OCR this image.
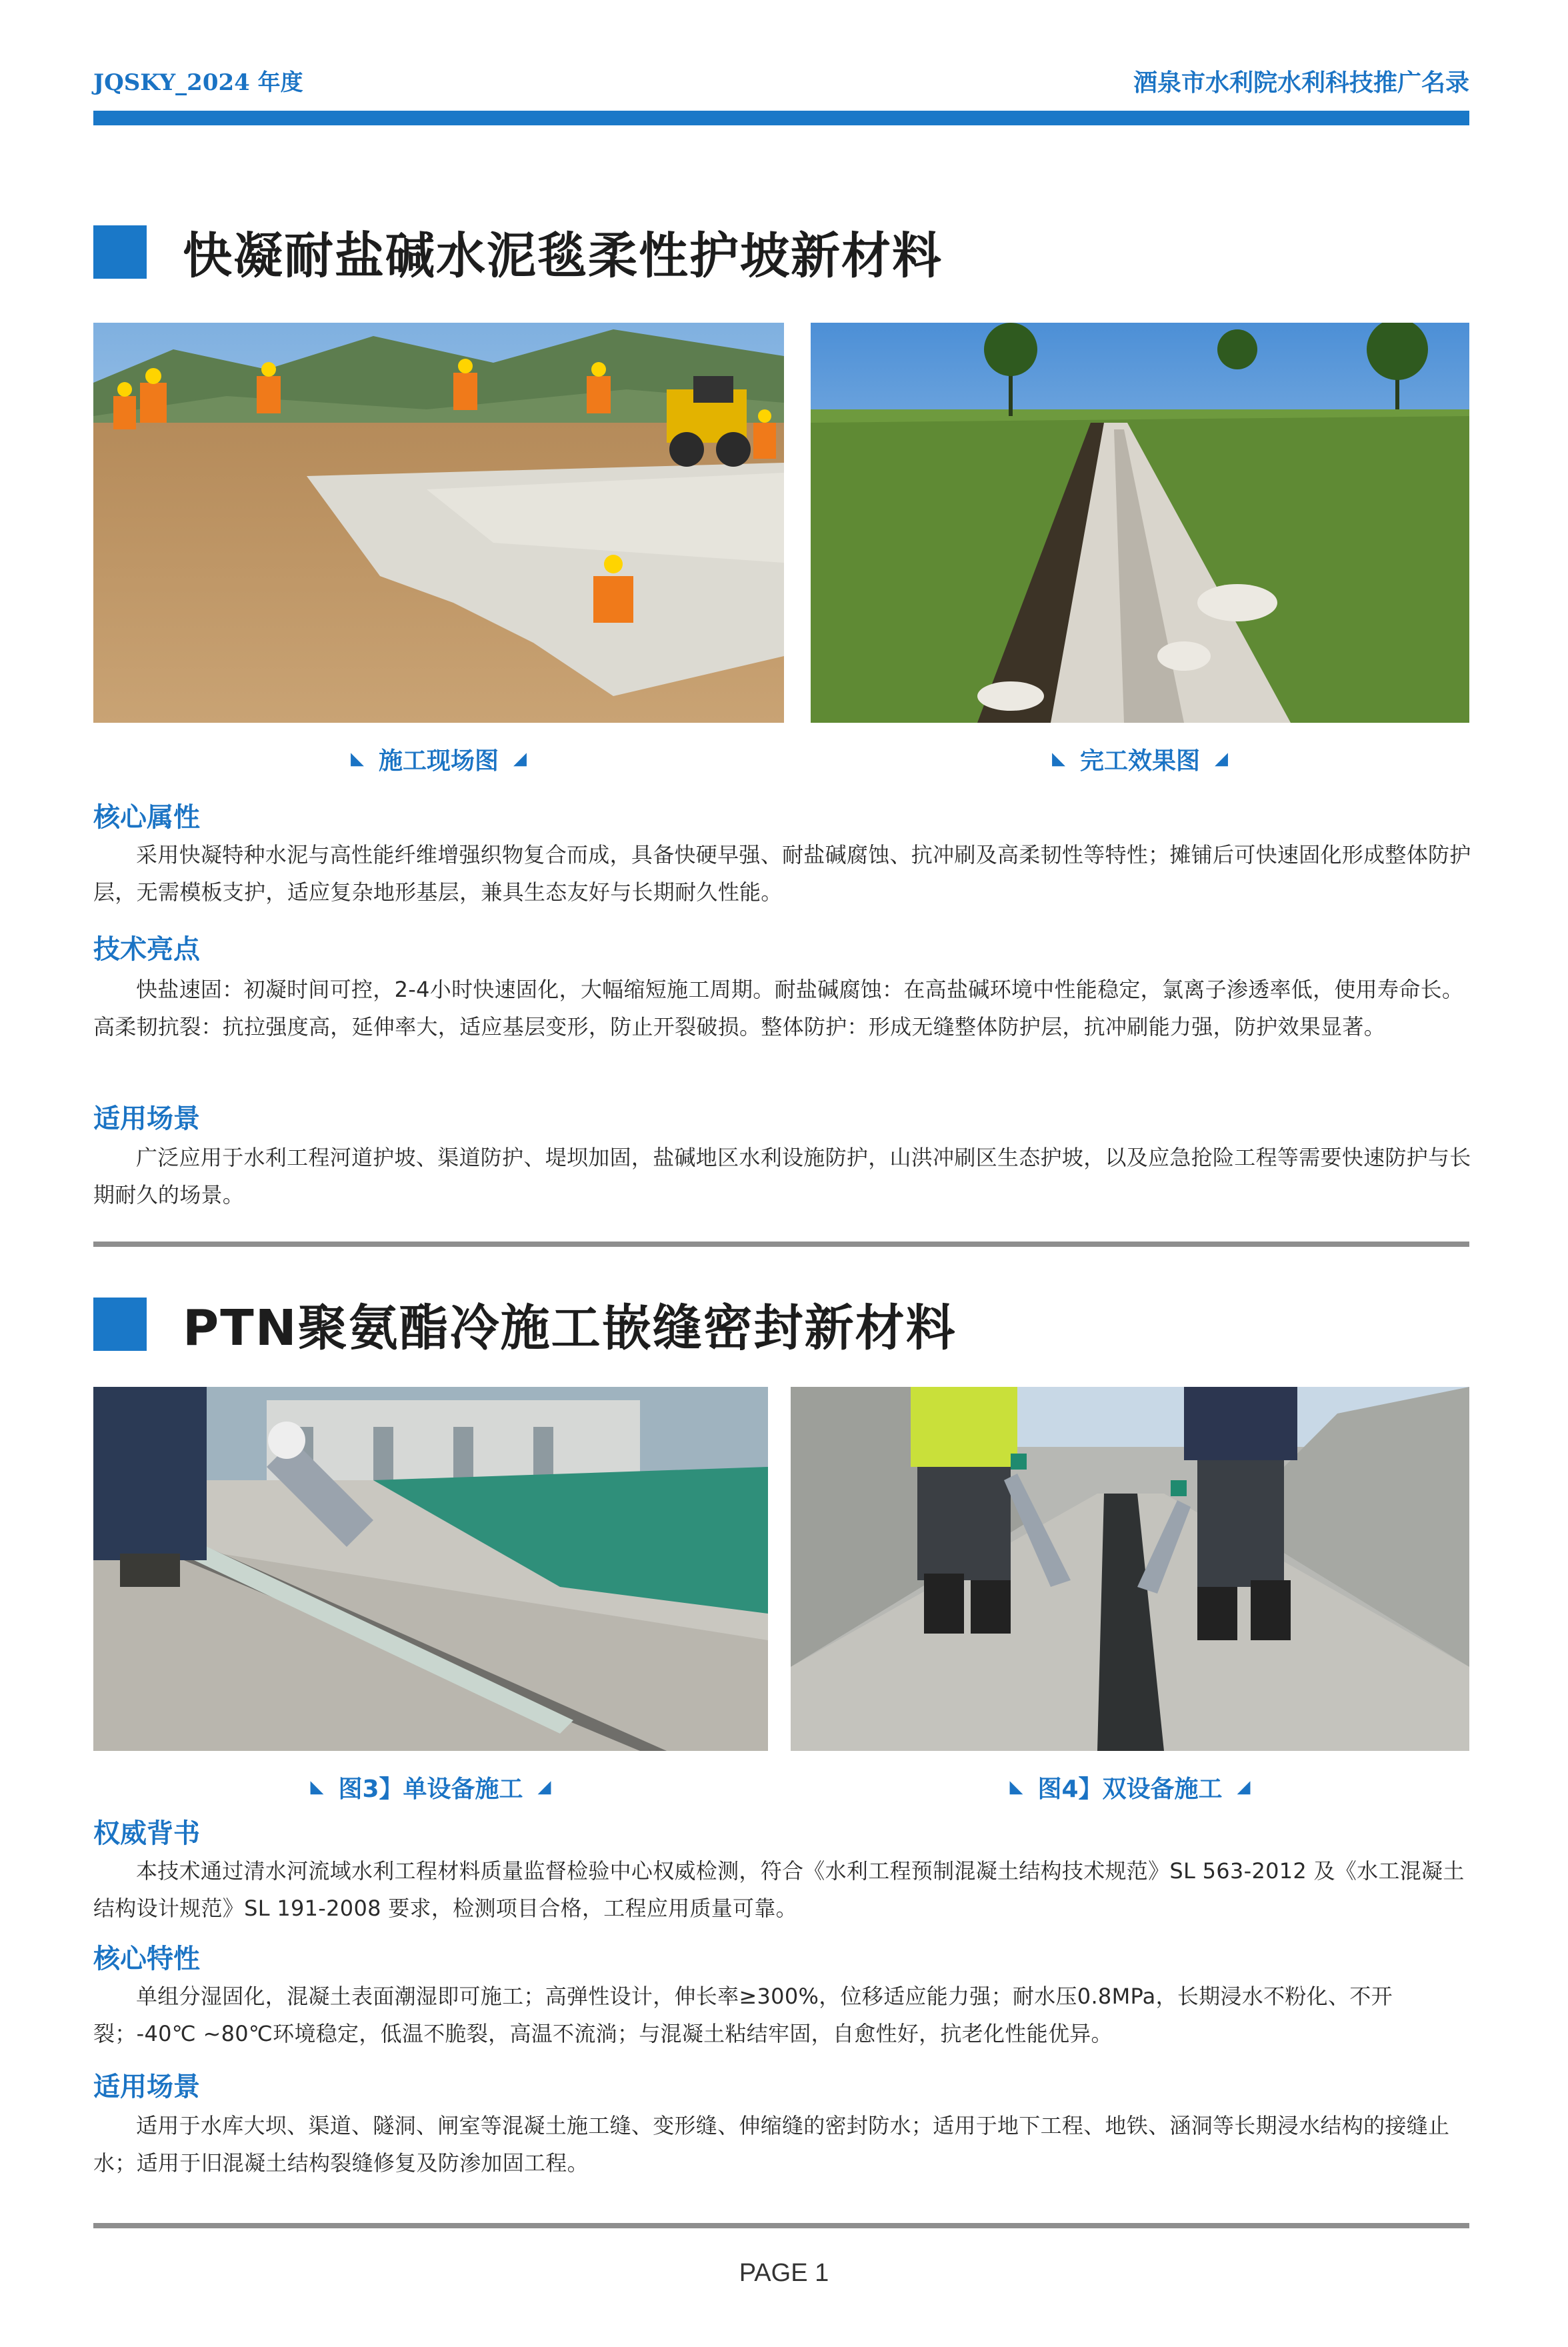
JQSKY_2024 年度	酒泉市水利院水利科技推广名录
快凝耐盐碱水泥毯柔性护坡新材料
◣ 施工现场图 ◢	◣ 完工效果图 ◢
核心属性
采用快凝特种水泥与高性能纤维增强织物复合而成，具备快硬早强、耐盐碱腐蚀、抗冲刷及高柔韧性等特性；摊铺后可快速固化形成整体防护层，无需模板支护，适应复杂地形基层，兼具生态友好与长期耐久性能。
技术亮点
快盐速固：初凝时间可控，2-4小时快速固化，大幅缩短施工周期。耐盐碱腐蚀：在高盐碱环境中性能稳定，氯离子渗透率低，使用寿命长。高柔韧抗裂：抗拉强度高，延伸率大，适应基层变形，防止开裂破损。整体防护：形成无缝整体防护层，抗冲刷能力强，防护效果显著。
适用场景
广泛应用于水利工程河道护坡、渠道防护、堤坝加固，盐碱地区水利设施防护，山洪冲刷区生态护坡，以及应急抢险工程等需要快速防护与长期耐久的场景。
PTN聚氨酯冷施工嵌缝密封新材料
◣ 图3】单设备施工 ◢	◣ 图4】双设备施工 ◢
权威背书
本技术通过清水河流域水利工程材料质量监督检验中心权威检测，符合《水利工程预制混凝土结构技术规范》SL 563-2012 及《水工混凝土结构设计规范》SL 191-2008 要求，检测项目合格，工程应用质量可靠。
核心特性
单组分湿固化，混凝土表面潮湿即可施工；高弹性设计，伸长率≥300%，位移适应能力强；耐水压0.8MPa，长期浸水不粉化、不开裂；-40℃ ~80℃环境稳定，低温不脆裂，高温不流淌；与混凝土粘结牢固，自愈性好，抗老化性能优异。
适用场景
适用于水库大坝、渠道、隧洞、闸室等混凝土施工缝、变形缝、伸缩缝的密封防水；适用于地下工程、地铁、涵洞等长期浸水结构的接缝止水；适用于旧混凝土结构裂缝修复及防渗加固工程。
PAGE 1
